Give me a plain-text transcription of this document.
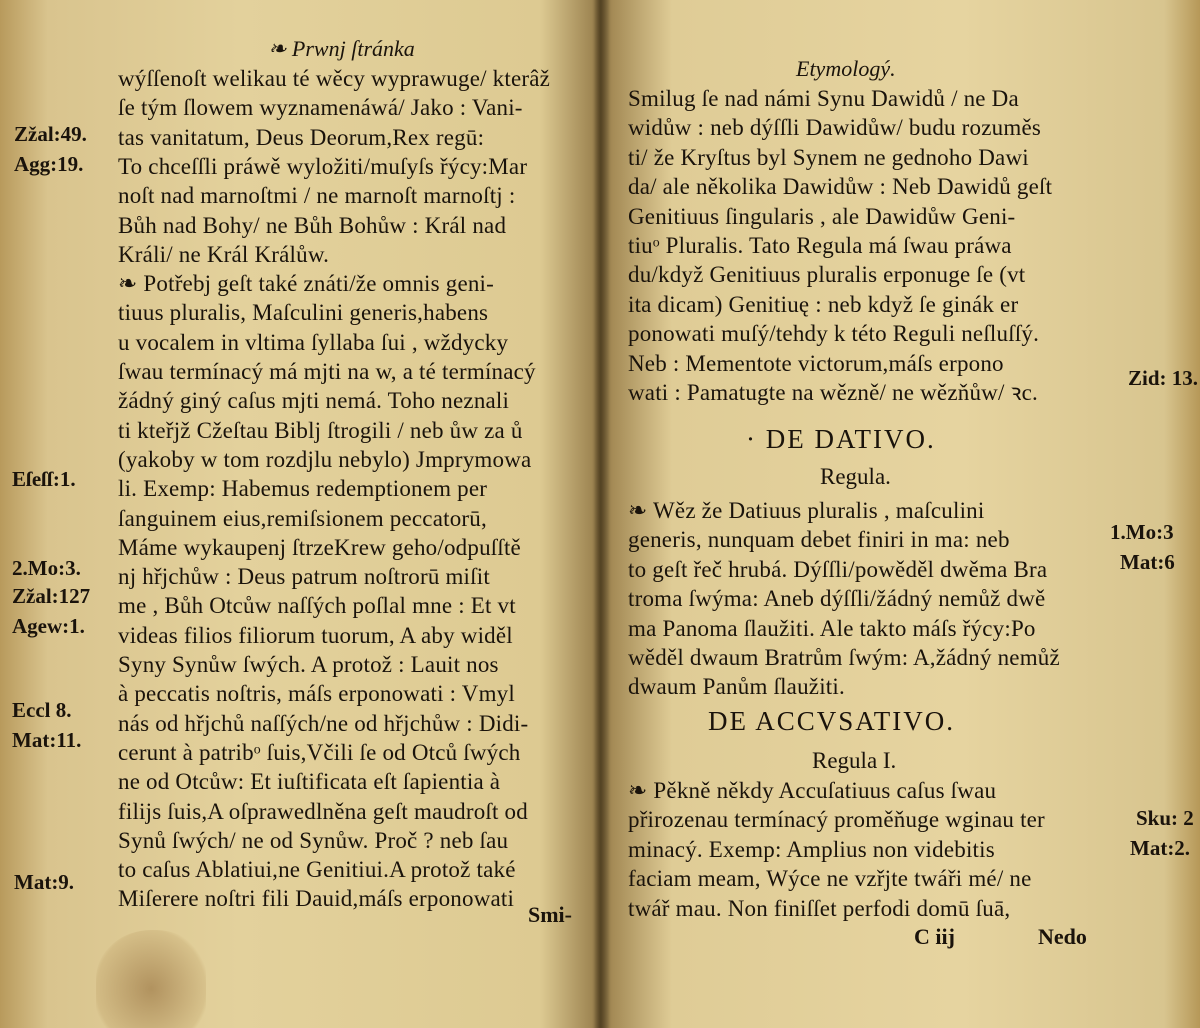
❧ Prwnj ſtránka
wýſſenoſt welikau té wěcy wyprawuge/ kterâž
ſe tým ſlowem wyznamenáwá/ Jako : Vani-
tas vanitatum, Deus Deorum,Rex regū:
To chceſſli práwě wyložiti/muſyſs řýcy:Mar
noſt nad marnoſtmi / ne marnoſt marnoſtj :
Bůh nad Bohy/ ne Bůh Bohůw : Král nad
Králi/ ne Král Králůw.
❧ Potřebj geſt také znáti/že omnis geni-
tiuus pluralis, Maſculini generis,habens
u vocalem in vltima ſyllaba ſui , wždycky
ſwau termínacý má mjti na w, a té termínacý
žádný giný caſus mjti nemá. Toho neznali
ti kteřjž Cžeſtau Biblj ſtrogili / neb ůw za ů
(yakoby w tom rozdjlu nebylo) Jmprymowa
li. Exemp: Habemus redemptionem per
ſanguinem eius,remiſsionem peccatorū,
Máme wykaupenj ſtrzeKrew geho/odpuſſtě
nj hřjchůw : Deus patrum noſtrorū miſit
me , Bůh Otcůw naſſých poſlal mne : Et vt
videas filios filiorum tuorum, A aby widěl
Syny Synůw ſwých. A protož : Lauit nos
à peccatis noſtris, máſs erponowati : Vmyl
nás od hřjchů naſſých/ne od hřjchůw : Didi-
cerunt à patribᵒ ſuis,Včili ſe od Otců ſwých
ne od Otcůw: Et iuſtificata eſt ſapientia à
filijs ſuis,A oſprawedlněna geſt maudroſt od
Synů ſwých/ ne od Synůw. Proč ? neb ſau
to caſus Ablatiui,ne Genitiui.A protož také
Miſerere noſtri fili Dauid,máſs erponowati
Zžal:49.
Agg:19.
Eſeſſ:1.
2.Mo:3.
Zžal:127
Agew:1.
Eccl 8.
Mat:11.
Mat:9.
Smi-
Etymologý.
Smilug ſe nad námi Synu Dawidů / ne Da
widůw : neb dýſſli Dawidůw/ budu rozuměs
ti/ že Kryſtus byl Synem ne gednoho Dawi
da/ ale několika Dawidůw : Neb Dawidů geſt
Genitiuus ſingularis , ale Dawidůw Geni-
tiuᵒ Pluralis. Tato Regula má ſwau práwa
du/když Genitiuus pluralis erponuge ſe (vt
ita dicam) Genitiuę : neb když ſe ginák er
ponowati muſý/tehdy k této Reguli neſluſſý.
Neb : Mementote victorum,máſs erpono
wati : Pamatugte na wězně/ ne wězňůw/ ꝛc.
· DE DATIVO.
Regula.
❧ Wěz že Datiuus pluralis , maſculini
generis, nunquam debet finiri in ma: neb
to geſt řeč hrubá. Dýſſli/powěděl dwěma Bra
troma ſwýma: Aneb dýſſli/žádný nemůž dwě
ma Panoma ſlaužiti. Ale takto máſs řýcy:Po
wěděl dwaum Bratrům ſwým: A,žádný nemůž
dwaum Panům ſlaužiti.
DE ACCVSATIVO.
Regula I.
❧ Pěkně někdy Accuſatiuus caſus ſwau
přirozenau termínacý proměňuge wginau ter
minacý. Exemp: Amplius non videbitis
faciam meam, Wýce ne vzřjte twáři mé/ ne
twář mau. Non finiſſet perfodi domū ſuā,
C iij	Nedo
Zid: 13.
1.Mo:3
Mat:6
Sku: 2
Mat:2.
